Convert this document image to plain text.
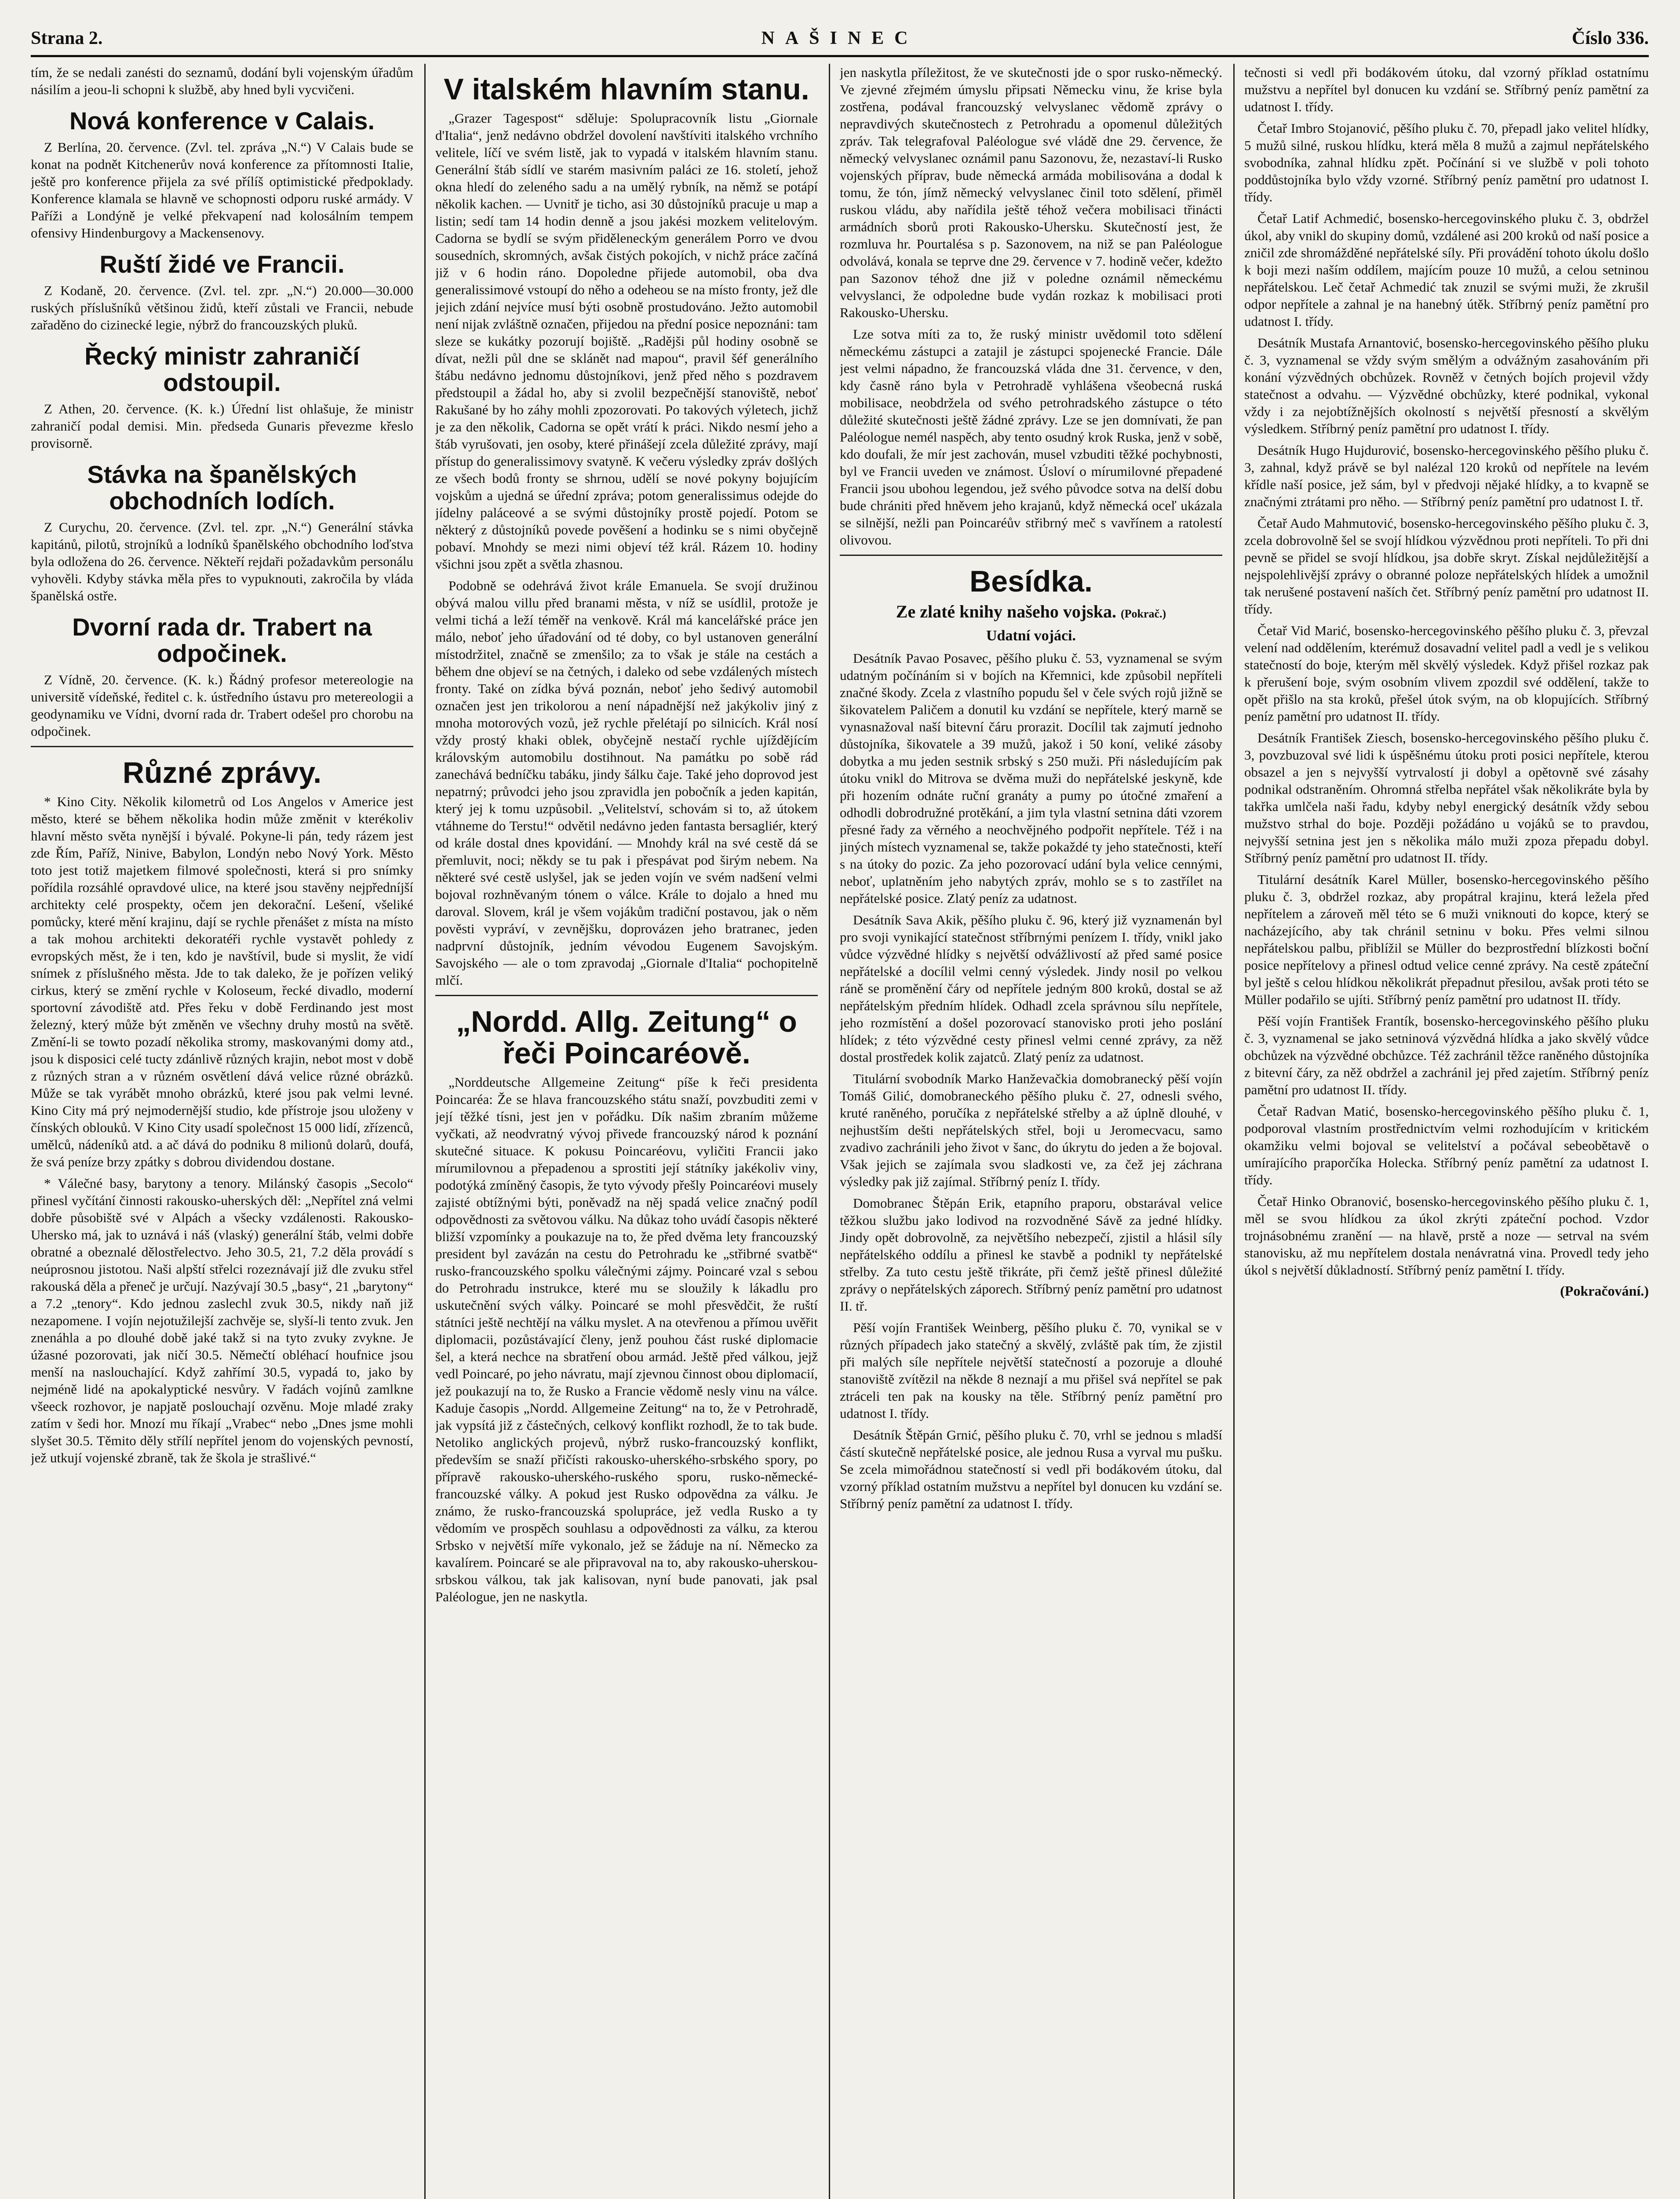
Strana 2.	NAŠINEC	Číslo 336.

tím, že se nedali zanésti do seznamů, dodání byli vojenským úřadům násilím a jeou-li schopni k službě, aby hned byli vycvičeni.

Nová konference v Calais.

Z Berlína, 20. července. (Zvl. tel. zpráva „N.“) V Calais bude se konat na podnět Kitchenerův nová konference za přítomnosti Italie, ještě pro konference přijela za své přílíš optimistické předpoklady. Konference klamala se hlavně ve schopnosti odporu ruské armády. V Paříži a Londýně je velké překvapení nad kolosálním tempem ofensivy Hindenburgovy a Mackensenovy.

Ruští židé ve Francii.

Z Kodaně, 20. července. (Zvl. tel. zpr. „N.“) 20.000—30.000 ruských příslušníků většinou židů, kteří zůstali ve Francii, nebude zařaděno do cizinecké legie, nýbrž do francouzských pluků.

Řecký ministr zahraničí odstoupil.

Z Athen, 20. července. (K. k.) Úřední list ohlašuje, že ministr zahraničí podal demisi. Min. předseda Gunaris převezme křeslo provisorně.

Stávka na španělských obchodních lodích.

Z Curychu, 20. července. (Zvl. tel. zpr. „N.“) Generální stávka kapitánů, pilotů, strojníků a lodníků španělského obchodního loďstva byla odložena do 26. července. Někteří rejdaři požadavkům personálu vyhověli. Kdyby stávka měla přes to vypuknouti, zakročila by vláda španělská ostře.

Dvorní rada dr. Trabert na odpočinek.

Z Vídně, 20. července. (K. k.) Řádný profesor metereologie na universitě vídeňské, ředitel c. k. ústředního ústavu pro metereologii a geodynamiku ve Vídni, dvorní rada dr. Trabert odešel pro chorobu na odpočinek.

Různé zprávy.

* Kino City. Několik kilometrů od Los Angelos v Americe jest město, které se během několika hodin může změnit v kterékoliv hlavní město světa nynější i bývalé. Pokyne-li pán, tedy rázem jest zde Řím, Paříž, Ninive, Babylon, Londýn nebo Nový York. Město toto jest totiž majetkem filmové společnosti, která si pro snímky pořídila rozsáhlé opravdové ulice, na které jsou stavěny nejpředníjší architekty celé prospekty, očem jen dekorační. Lešení, všeliké pomůcky, které mění krajinu, dají se rychle přenášet z místa na místo a tak mohou architekti dekoratéři rychle vystavět pohledy z evropských měst, že i ten, kdo je navštívil, bude si myslit, že vidí snímek z příslušného města. Jde to tak daleko, že je pořízen veliký cirkus, který se změní rychle v Koloseum, řecké divadlo, moderní sportovní závodiště atd. Přes řeku v době Ferdinando jest most železný, který může být změněn ve všechny druhy mostů na světě. Změní-li se towto pozadí několika stromy, maskovanými domy atd., jsou k disposici celé tucty zdánlivě různých krajin, nebot most v době z různých stran a v různém osvětlení dává velice různé obrázků. Může se tak vyrábět mnoho obrázků, které jsou pak velmi levné. Kino City má prý nejmodernější studio, kde přístroje jsou uloženy v čínských oblouků. V Kino City usadí společnost 15 000 lidí, zřízenců, umělců, nádeníků atd. a ač dává do podniku 8 milionů dolarů, doufá, že svá peníze brzy zpátky s dobrou dividendou dostane.

* Válečné basy, barytony a tenory. Milánský časopis „Secolo“ přinesl vyčítání činnosti rakousko-uherských děl: „Nepřítel zná velmi dobře působiště své v Alpách a všecky vzdálenosti. Rakousko-Uhersko má, jak to uznává i náš (vlaský) generální štáb, velmi dobře obratné a obeznalé dělostřelectvo. Jeho 30.5, 21, 7.2 děla provádí s neúprosnou jistotou. Naši alpští střelci rozeznávají již dle zvuku střel rakouská děla a přeneč je určují. Nazývají 30.5 „basy“, 21 „barytony“ a 7.2 „tenory“. Kdo jednou zaslechl zvuk 30.5, nikdy naň již nezapomene. I vojín nejotužilejší zachvěje se, slyší-li tento zvuk. Jen znenáhla a po dlouhé době jaké takž si na tyto zvuky zvykne. Je úžasné pozorovati, jak ničí 30.5. Němečtí obléhací houfnice jsou menší na naslouchající. Když zahřímí 30.5, vypadá to, jako by nejméně lidé na apokalyptické nesvůry. V řadách vojínů zamlkne všeeck rozhovor, je napjatě poslouchají ozvěnu. Moje mladé zraky zatím v šedi hor. Mnozí mu říkají „Vrabec“ nebo „Dnes jsme mohli slyšet 30.5. Těmito děly střílí nepřítel jenom do vojenských pevností, jež utkují vojenské zbraně, tak že škola je strašlivé.“

V italském hlavním stanu.

„Grazer Tagespost“ sděluje: Spolupracovník listu „Giornale d'Italia“, jenž nedávno obdržel dovolení navštíviti italského vrchního velitele, líčí ve svém listě, jak to vypadá v italském hlavním stanu. Generální štáb sídlí ve starém masivním paláci ze 16. století, jehož okna hledí do zeleného sadu a na umělý rybník, na němž se potápí několik kachen. — Uvnitř je ticho, asi 30 důstojníků pracuje u map a listin; sedí tam 14 hodin denně a jsou jakési mozkem velitelovým. Cadorna se bydlí se svým přiděleneckým generálem Porro ve dvou sousedních, skromných, avšak čistých pokojích, v nichž práce začíná již v 6 hodin ráno. Dopoledne přijede automobil, oba dva generalissimové vstoupí do něho a odeheou se na místo fronty, jež dle jejich zdání nejvíce musí býti osobně prostudováno. Ježto automobil není nijak zvláštně označen, přijedou na přední posice nepoznáni: tam sleze se kukátky pozorují bojiště. „Radějši půl hodiny osobně se dívat, nežli půl dne se sklánět nad mapou“, pravil šéf generálního štábu nedávno jednomu důstojníkovi, jenž před něho s pozdravem předstoupil a žádal ho, aby si zvolil bezpečnější stanoviště, neboť Rakušané by ho záhy mohli zpozorovati. Po takových výletech, jichž je za den několik, Cadorna se opět vrátí k práci. Nikdo nesmí jeho a štáb vyrušovati, jen osoby, které přinášejí zcela důležité zprávy, mají přístup do generalissimovy svatyně. K večeru výsledky zpráv došlých ze všech bodů fronty se shrnou, udělí se nové pokyny bojujícím vojskům a ujedná se úřední zpráva; potom generalissimus odejde do jídelny paláceové a se svými důstojníky prostě pojedí. Potom se některý z důstojníků povede pověšení a hodinku se s nimi obyčejně pobaví. Mnohdy se mezi nimi objeví též král. Rázem 10. hodiny všichni jsou zpět a světla zhasnou.

Podobně se odehrává život krále Emanuela. Se svojí družinou obývá malou villu před branami města, v níž se usídlil, protože je velmi tichá a leží téměř na venkově. Král má kancelářské práce jen málo, neboť jeho úřadování od té doby, co byl ustanoven generální místodržitel, značně se zmenšilo; za to však je stále na cestách a během dne objeví se na četných, i daleko od sebe vzdálených místech fronty. Také on zídka bývá poznán, neboť jeho šedivý automobil označen jest jen trikolorou a není nápadnější než jakýkoliv jiný z mnoha motorových vozů, jež rychle přelétají po silnicích. Král nosí vždy prostý khaki oblek, obyčejně nestačí rychle ujíždějícím královským automobilu dostihnout. Na památku po sobě rád zanechává bedníčku tabáku, jindy šálku čaje. Také jeho doprovod jest nepatrný; průvodci jeho jsou zpravidla jen pobočník a jeden kapitán, který jej k tomu uzpůsobil. „Velitelství, schovám si to, až útokem vtáhneme do Terstu!“ odvětil nedávno jeden fantasta bersagliér, který od krále dostal dnes kpovidání. — Mnohdy král na své cestě dá se přemluvit, noci; někdy se tu pak i přespávat pod širým nebem. Na některé své cestě uslyšel, jak se jeden vojín ve svém nadšení velmi bojoval rozhněvaným tónem o válce. Krále to dojalo a hned mu daroval. Slovem, král je všem vojákům tradiční postavou, jak o něm pověsti vypráví, v zevnějšku, doprovázen jeho bratranec, jeden nadprvní důstojník, jedním vévodou Eugenem Savojským. Savojského — ale o tom zpravodaj „Giornale d'Italia“ pochopitelně mlčí.

„Nordd. Allg. Zeitung“ o řeči Poincaréově.

„Norddeutsche Allgemeine Zeitung“ píše k řeči presidenta Poincaréa: Že se hlava francouzského státu snaží, povzbuditi zemi v její těžké tísni, jest jen v pořádku. Dík našim zbraním můžeme vyčkati, až neodvratný vývoj přivede francouzský národ k poznání skutečné situace. K pokusu Poincaréovu, vyličiti Francii jako mírumilovnou a přepadenou a sprostiti její státníky jakékoliv viny, podotýká zmíněný časopis, že tyto vývody přešly Poincaréovi musely zajisté obtížnými býti, poněvadž na něj spadá velice značný podíl odpovědnosti za světovou válku. Na důkaz toho uvádí časopis některé bližší vzpomínky a poukazuje na to, že před dvěma lety francouzský president byl zavázán na cestu do Petrohradu ke „střibrné svatbě“ rusko-francouzského spolku válečnými zájmy. Poincaré vzal s sebou do Petrohradu instrukce, které mu se sloužily k lákadlu pro uskutečnění svých války. Poincaré se mohl přesvědčit, že ruští státníci ještě nechtějí na válku myslet. A na otevřenou a přímou uvěřit diplomacii, pozůstávající členy, jenž pouhou část ruské diplomacie šel, a která nechce na sbratření obou armád. Ještě před válkou, jejž vedl Poincaré, po jeho návratu, mají zjevnou činnost obou diplomacií, jež poukazují na to, že Rusko a Francie vědomě nesly vinu na válce. Kaduje časopis „Nordd. Allgemeine Zeitung“ na to, že v Petrohradě, jak vypsítá již z částečných, celkový konflikt rozhodl, že to tak bude. Netoliko anglických projevů, nýbrž rusko-francouzský konflikt, především se snaží přičísti rakousko-uherského-srbského spory, po přípravě rakousko-uherského-ruského sporu, rusko-německé-francouzské války. A pokud jest Rusko odpovědna za válku. Je známo, že rusko-francouzská spolupráce, jež vedla Rusko a ty vědomím ve prospěch souhlasu a odpovědnosti za válku, za kterou Srbsko v největší míře vykonalo, jež se žáduje na ní. Německo za kavalírem. Poincaré se ale připravoval na to, aby rakousko-uherskou-srbskou válkou, tak jak kalisovan, nyní bude panovati, jak psal Paléologue, jen ne naskytla.

jen naskytla příležitost, že ve skutečnosti jde o spor rusko-německý. Ve zjevné zřejmém úmyslu připsati Německu vinu, že krise byla zostřena, podával francouzský velvyslanec vědomě zprávy o nepravdivých skutečnostech z Petrohradu a opomenul důležitých zpráv. Tak telegrafoval Paléologue své vládě dne 29. července, že německý velvyslanec oznámil panu Sazonovu, že, nezastaví-li Rusko vojenských příprav, bude německá armáda mobilisována a dodal k tomu, že tón, jímž německý velvyslanec činil toto sdělení, přiměl ruskou vládu, aby nařídila ještě téhož večera mobilisaci třinácti armádních sborů proti Rakousko-Uhersku. Skutečností jest, že rozmluva hr. Pourtalésa s p. Sazonovem, na niž se pan Paléologue odvolává, konala se teprve dne 29. července v 7. hodině večer, kdežto pan Sazonov téhož dne již v poledne oznámil německému velvyslanci, že odpoledne bude vydán rozkaz k mobilisaci proti Rakousko-Uhersku.

Lze sotva míti za to, že ruský ministr uvědomil toto sdělení německému zástupci a zatajil je zástupci spojenecké Francie. Dále jest velmi nápadno, že francouzská vláda dne 31. července, v den, kdy časně ráno byla v Petrohradě vyhlášena všeobecná ruská mobilisace, neobdržela od svého petrohradského zástupce o této důležité skutečnosti ještě žádné zprávy. Lze se jen domnívati, že pan Paléologue nemél naspěch, aby tento osudný krok Ruska, jenž v sobě, kdo doufali, že mír jest zachován, musel vzbuditi těžké pochybnosti, byl ve Francii uveden ve známost. Úsloví o mírumilovné přepadené Francii jsou ubohou legendou, jež svého původce sotva na delší dobu bude chrániti před hněvem jeho krajanů, když německá oceľ ukázala se silnější, nežli pan Poincaréův střibrný meč s vavřínem a ratolestí olivovou.

Besídka.
Ze zlaté knihy našeho vojska. (Pokrač.)
Udatní vojáci.

Desátník Pavao Posavec, pěšího pluku č. 53, vyznamenal se svým udatným počínáním si v bojích na Křemnici, kde způsobil nepříteli značné škody. Zcela z vlastního popudu šel v čele svých rojů jižně se šikovatelem Paličem a donutil ku vzdání se nepřítele, který marně se vynasnažoval naší bitevní čáru prorazit. Docílil tak zajmutí jednoho důstojníka, šikovatele a 39 mužů, jakož i 50 koní, veliké zásoby dobytka a mu jeden sestnik srbský s 250 muži. Při následujícím pak útoku vnikl do Mitrova se dvěma muži do nepřátelské jeskyně, kde při hozením odnáte ruční granáty a pumy po útočné zmaření a odhodli dobrodružné protěkání, a jim tyla vlastní setnina dáti vzorem přesné řady za věrného a neochvějného podpořit nepřítele. Též i na jiných místech vyznamenal se, takže pokaždé ty jeho statečnosti, kteří s na útoky do pozic. Za jeho pozorovací udání byla velice cennými, neboť, uplatněním jeho nabytých zpráv, mohlo se s to zastřílet na nepřátelské posice. Zlatý peníz za udatnost.

Desátník Sava Akik, pěšího pluku č. 96, který již vyznamenán byl pro svoji vynikající statečnost stříbrnými penízem I. třídy, vnikl jako vůdce výzvědné hlídky s největší odvážlivostí až před samé posice nepřátelské a docílil velmi cenný výsledek. Jindy nosil po velkou ráně se proměnění čáry od nepřítele jedným 800 kroků, dostal se až nepřátelským předním hlídek. Odhadl zcela správnou sílu nepřítele, jeho rozmístění a došel pozorovací stanovisko proti jeho poslání hlídek; z této výzvědné cesty přinesl velmi cenné zprávy, za něž dostal prostředek kolik zajatců. Zlatý peníz za udatnost.

Titulární svobodník Marko Hanževačkia domobranecký pěší vojín Tomáš Gilić, domobraneckého pěšího pluku č. 27, odnesli svého, kruté raněného, poručíka z nepřátelské střelby a až úplně dlouhé, v nejhustším dešti nepřátelských střel, boji u Jeromecvacu, samo zvadivo zachránili jeho život v šanc, do úkrytu do jeden a že bojoval. Však jejich se zajímala svou sladkosti ve, za čež jej záchrana výsledky pak již zajímal. Stříbrný peníz I. třídy.

Domobranec Štěpán Erik, etapního praporu, obstarával velice těžkou službu jako lodivod na rozvodněné Sávě za jedné hlídky. Jindy opět dobrovolně, za největšího nebezpečí, zjistil a hlásil síly nepřátelského oddílu a přinesl ke stavbě a podnikl ty nepřátelské střelby. Za tuto cestu ještě třikráte, při čemž ještě přinesl důležité zprávy o nepřátelských záporech. Stříbrný peníz pamětní pro udatnost II. tř.

Pěší vojín František Weinberg, pěšího pluku č. 70, vynikal se v různých případech jako statečný a skvělý, zvláště pak tím, že zjistil při malých síle nepřítele největší statečností a pozoruje a dlouhé stanoviště zvítězil na někde 8 neznají a mu přišel svá nepřítel se pak ztráceli ten pak na kousky na těle. Stříbrný peníz pamětní pro udatnost I. třídy.

Desátník Štěpán Grnić, pěšího pluku č. 70, vrhl se jednou s mladší částí skutečně nepřátelské posice, ale jednou Rusa a vyrval mu pušku. Se zcela mimořádnou statečností si vedl při bodákovém útoku, dal vzorný příklad ostatním mužstvu a nepřítel byl donucen ku vzdání se. Stříbrný peníz pamětní za udatnost I. třídy.

tečnosti si vedl při bodákovém útoku, dal vzorný příklad ostatnímu mužstvu a nepřítel byl donucen ku vzdání se. Stříbrný peníz pamětní za udatnost I. třídy.

Četař Imbro Stojanović, pěšího pluku č. 70, přepadl jako velitel hlídky, 5 mužů silné, ruskou hlídku, která měla 8 mužů a zajmul nepřátelského svobodníka, zahnal hlídku zpět. Počínání si ve službě v poli tohoto poddůstojníka bylo vždy vzorné. Stříbrný peníz pamětní pro udatnost I. třídy.

Četař Latif Achmedić, bosensko-hercegovinského pluku č. 3, obdržel úkol, aby vnikl do skupiny domů, vzdálené asi 200 kroků od naší posice a zničil zde shromážděné nepřátelské síly. Při provádění tohoto úkolu došlo k boji mezi naším oddílem, majícím pouze 10 mužů, a celou setninou nepřátelskou. Leč četař Achmedić tak znuzil se svými muži, že zkrušil odpor nepřítele a zahnal je na hanebný útěk. Stříbrný peníz pamětní pro udatnost I. třídy.

Desátník Mustafa Arnantović, bosensko-hercegovinského pěšího pluku č. 3, vyznamenal se vždy svým smělým a odvážným zasahováním při konání výzvědných obchůzek. Rovněž v četných bojích projevil vždy statečnost a odvahu. — Výzvědné obchůzky, které podnikal, vykonal vždy i za nejobtížnějších okolností s největší přesností a skvělým výsledkem. Stříbrný peníz pamětní pro udatnost I. třídy.

Desátník Hugo Hujdurović, bosensko-hercegovinského pěšího pluku č. 3, zahnal, když právě se byl nalézal 120 kroků od nepřítele na levém křídle naší posice, jež sám, byl v předvoji nějaké hlídky, a to kvapně se značnými ztrátami pro něho. — Stříbrný peníz pamětní pro udatnost I. tř.

Četař Audo Mahmutović, bosensko-hercegovinského pěšího pluku č. 3, zcela dobrovolně šel se svojí hlídkou výzvědnou proti nepříteli. To při dni pevně se přidel se svojí hlídkou, jsa dobře skryt. Získal nejdůležitější a nejspolehlivější zprávy o obranné poloze nepřátelských hlídek a umožnil tak nerušené postavení naších čet. Stříbrný peníz pamětní pro udatnost II. třídy.

Četař Vid Marić, bosensko-hercegovinského pěšího pluku č. 3, převzal velení nad oddělením, kterémuž dosavadní velitel padl a vedl je s velikou statečností do boje, kterým měl skvělý výsledek. Když přišel rozkaz pak k přerušení boje, svým osobním vlivem zpozdil své oddělení, takže to opět přišlo na sta kroků, přešel útok svým, na ob klopujících. Stříbrný peníz pamětní pro udatnost II. třídy.

Desátník František Ziesch, bosensko-hercegovinského pěšího pluku č. 3, povzbuzoval své lidi k úspěšnému útoku proti posici nepřítele, kterou obsazel a jen s nejvyšší vytrvalostí ji dobyl a opětovně své zásahy podnikal odstraněním. Ohromná střelba nepřátel však několikráte byla by takřka umlčela naši řadu, kdyby nebyl energický desátník vždy sebou mužstvo strhal do boje. Později požádáno u vojáků se to pravdou, nejvyšší setnina jest jen s několika málo muži zpoza přepadu dobyl. Stříbrný peníz pamětní pro udatnost II. třídy.

Titulární desátník Karel Müller, bosensko-hercegovinského pěšího pluku č. 3, obdržel rozkaz, aby propátral krajinu, která ležela před nepřítelem a zároveň měl této se 6 muži vniknouti do kopce, který se nacházejícího, aby tak chránil setninu v boku. Přes velmi silnou nepřátelskou palbu, přiblížil se Müller do bezprostřední blízkosti boční posice nepřítelovy a přinesl odtud velice cenné zprávy. Na cestě zpáteční byl ještě s celou hlídkou několikrát přepadnut přesilou, avšak proti této se Müller podařilo se ujíti. Stříbrný peníz pamětní pro udatnost II. třídy.

Pěší vojín František Frantík, bosensko-hercegovinského pěšího pluku č. 3, vyznamenal se jako setninová výzvědná hlídka a jako skvělý vůdce obchůzek na výzvědné obchůzce. Též zachránil těžce raněného důstojníka z bitevní čáry, za něž obdržel a zachránil jej před zajetím. Stříbrný peníz pamětní pro udatnost II. třídy.

Četař Radvan Matić, bosensko-hercegovinského pěšího pluku č. 1, podporoval vlastním prostřednictvím velmi rozhodujícím v kritickém okamžiku velmi bojoval se velitelství a počával sebeobětavě o umírajícího praporčíka Holecka. Stříbrný peníz pamětní za udatnost I. třídy.

Četař Hinko Obranović, bosensko-hercegovinského pěšího pluku č. 1, měl se svou hlídkou za úkol zkrýti zpáteční pochod. Vzdor trojnásobnému zranění — na hlavě, prstě a noze — setrval na svém stanovisku, až mu nepřítelem dostala nenávratná vina. Provedl tedy jeho úkol s největší důkladností. Stříbrný peníz pamětní I. třídy.

(Pokračování.)
